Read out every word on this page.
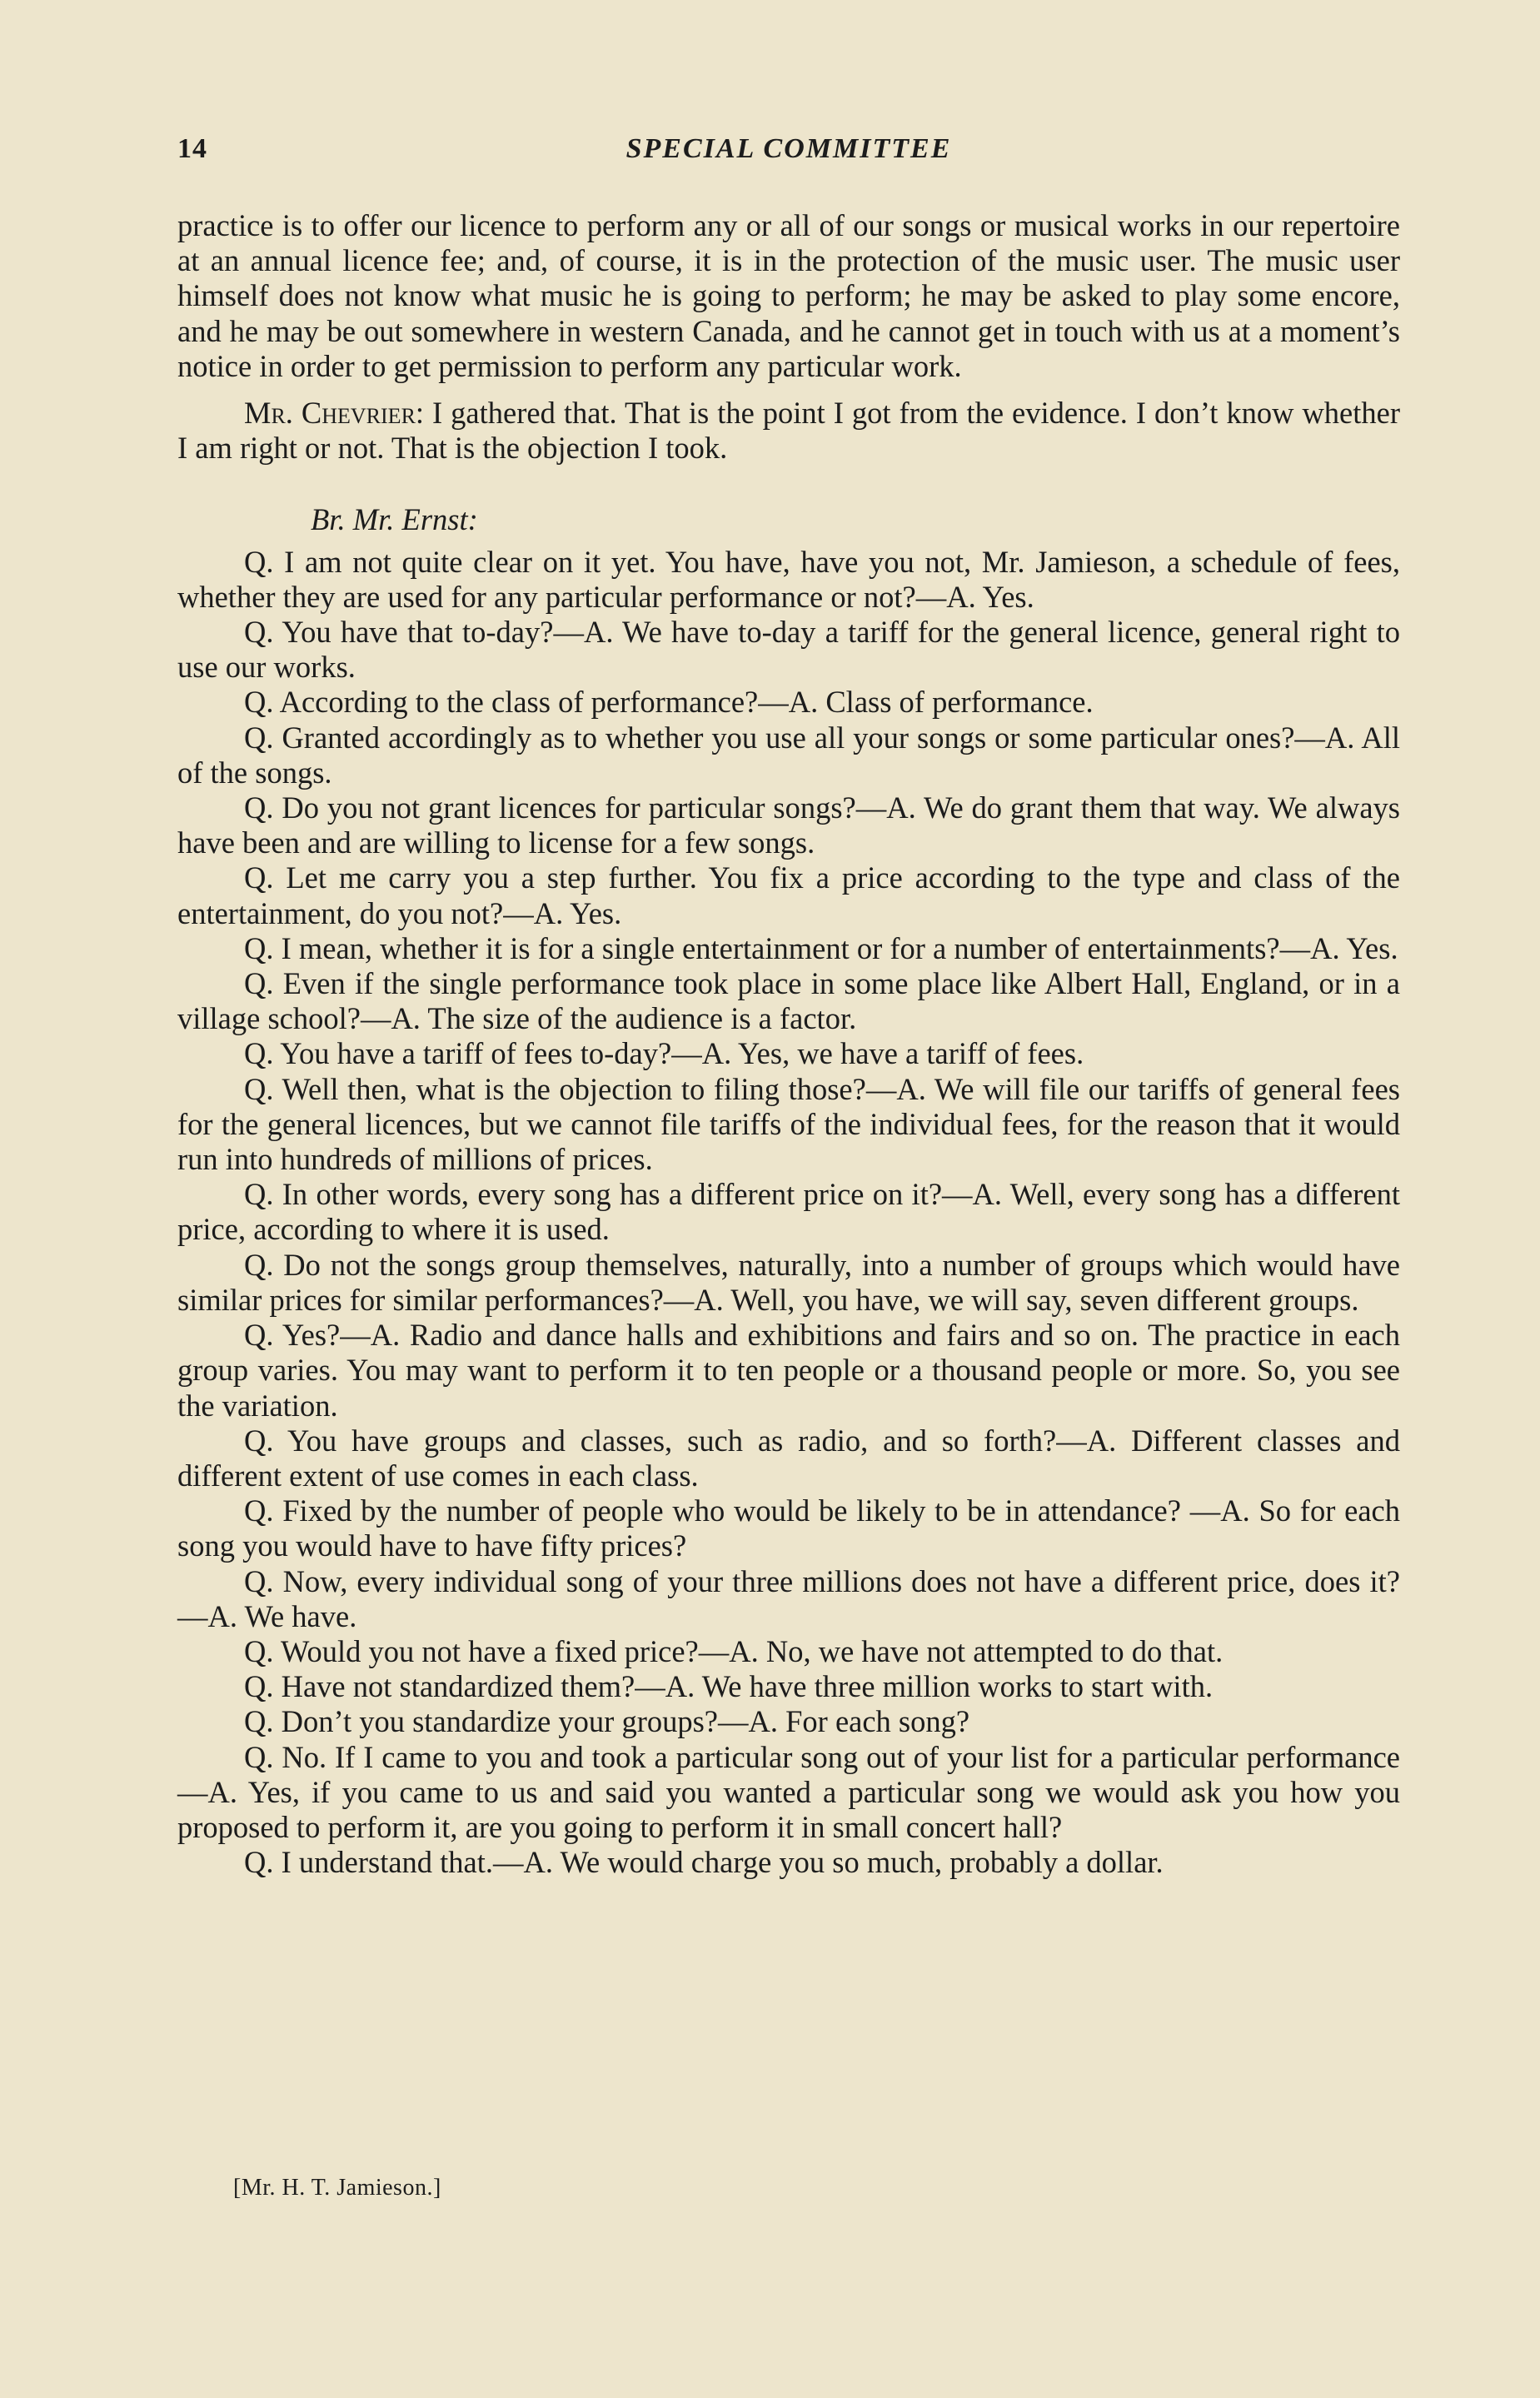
14	SPECIAL COMMITTEE

practice is to offer our licence to perform any or all of our songs or musical works in our repertoire at an annual licence fee; and, of course, it is in the protection of the music user. The music user himself does not know what music he is going to perform; he may be asked to play some encore, and he may be out somewhere in western Canada, and he cannot get in touch with us at a moment’s notice in order to get permission to perform any particular work.

Mr. Chevrier: I gathered that. That is the point I got from the evidence. I don’t know whether I am right or not. That is the objection I took.

Br. Mr. Ernst:

Q. I am not quite clear on it yet. You have, have you not, Mr. Jamieson, a schedule of fees, whether they are used for any particular performance or not?—A. Yes.

Q. You have that to-day?—A. We have to-day a tariff for the general licence, general right to use our works.

Q. According to the class of performance?—A. Class of performance.

Q. Granted accordingly as to whether you use all your songs or some particular ones?—A. All of the songs.

Q. Do you not grant licences for particular songs?—A. We do grant them that way. We always have been and are willing to license for a few songs.

Q. Let me carry you a step further. You fix a price according to the type and class of the entertainment, do you not?—A. Yes.

Q. I mean, whether it is for a single entertainment or for a number of entertainments?—A. Yes.

Q. Even if the single performance took place in some place like Albert Hall, England, or in a village school?—A. The size of the audience is a factor.

Q. You have a tariff of fees to-day?—A. Yes, we have a tariff of fees.

Q. Well then, what is the objection to filing those?—A. We will file our tariffs of general fees for the general licences, but we cannot file tariffs of the individual fees, for the reason that it would run into hundreds of millions of prices.

Q. In other words, every song has a different price on it?—A. Well, every song has a different price, according to where it is used.

Q. Do not the songs group themselves, naturally, into a number of groups which would have similar prices for similar performances?—A. Well, you have, we will say, seven different groups.

Q. Yes?—A. Radio and dance halls and exhibitions and fairs and so on. The practice in each group varies. You may want to perform it to ten people or a thousand people or more. So, you see the variation.

Q. You have groups and classes, such as radio, and so forth?—A. Different classes and different extent of use comes in each class.

Q. Fixed by the number of people who would be likely to be in attendance? —A. So for each song you would have to have fifty prices?

Q. Now, every individual song of your three millions does not have a different price, does it?—A. We have.

Q. Would you not have a fixed price?—A. No, we have not attempted to do that.

Q. Have not standardized them?—A. We have three million works to start with.

Q. Don’t you standardize your groups?—A. For each song?

Q. No. If I came to you and took a particular song out of your list for a particular performance—A. Yes, if you came to us and said you wanted a particular song we would ask you how you proposed to perform it, are you going to perform it in small concert hall?

Q. I understand that.—A. We would charge you so much, probably a dollar.

[Mr. H. T. Jamieson.]
